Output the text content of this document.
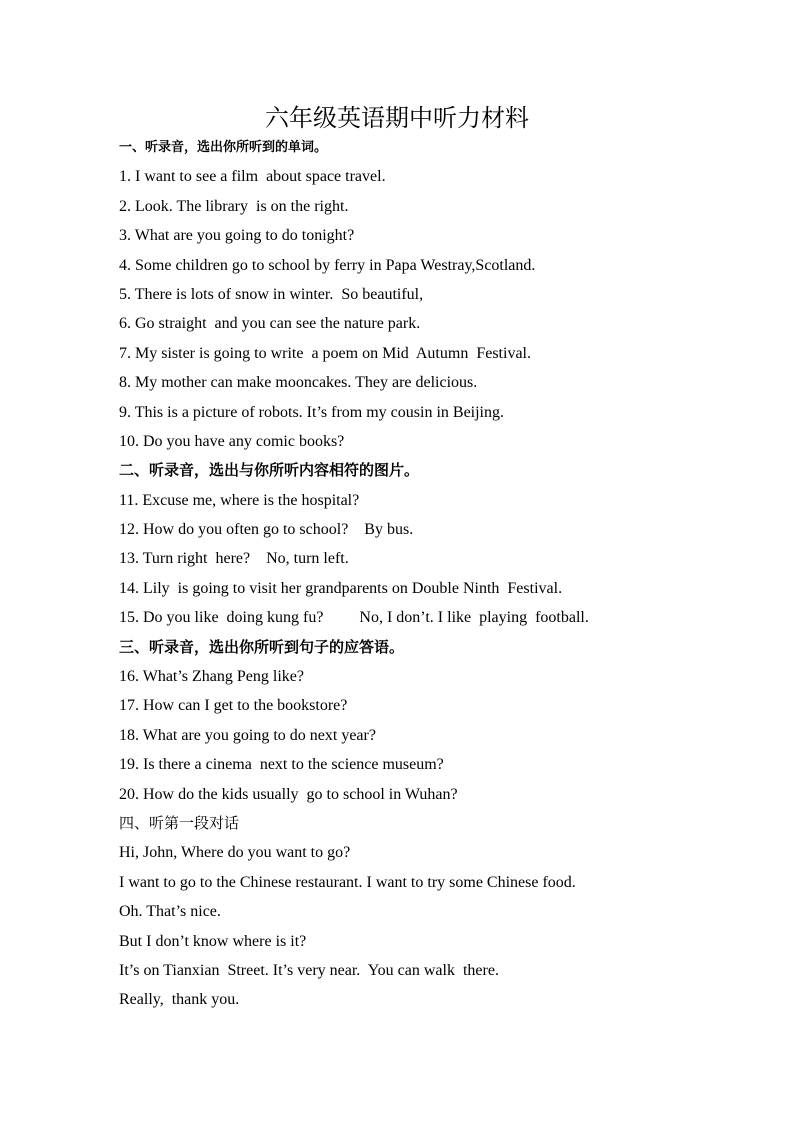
六年级英语期中听力材料
一、听录音，选出你所听到的单词。
1. I want to see a film  about space travel.
2. Look. The library  is on the right.
3. What are you going to do tonight?
4. Some children go to school by ferry in Papa Westray,Scotland.
5. There is lots of snow in winter.  So beautiful,
6. Go straight  and you can see the nature park.
7. My sister is going to write  a poem on Mid  Autumn  Festival.
8. My mother can make mooncakes. They are delicious.
9. This is a picture of robots. It’s from my cousin in Beijing.
10. Do you have any comic books?
二、听录音，选出与你所听内容相符的图片。
11. Excuse me, where is the hospital?
12. How do you often go to school?    By bus.
13. Turn right  here?    No, turn left.
14. Lily  is going to visit her grandparents on Double Ninth  Festival.
15. Do you like  doing kung fu?         No, I don’t. I like  playing  football.
三、听录音，选出你所听到句子的应答语。
16. What’s Zhang Peng like?
17. How can I get to the bookstore?
18. What are you going to do next year?
19. Is there a cinema  next to the science museum?
20. How do the kids usually  go to school in Wuhan?
四、听第一段对话
Hi, John, Where do you want to go?
I want to go to the Chinese restaurant. I want to try some Chinese food.
Oh. That’s nice.
But I don’t know where is it?
It’s on Tianxian  Street. It’s very near.  You can walk  there.
Really,  thank you.
